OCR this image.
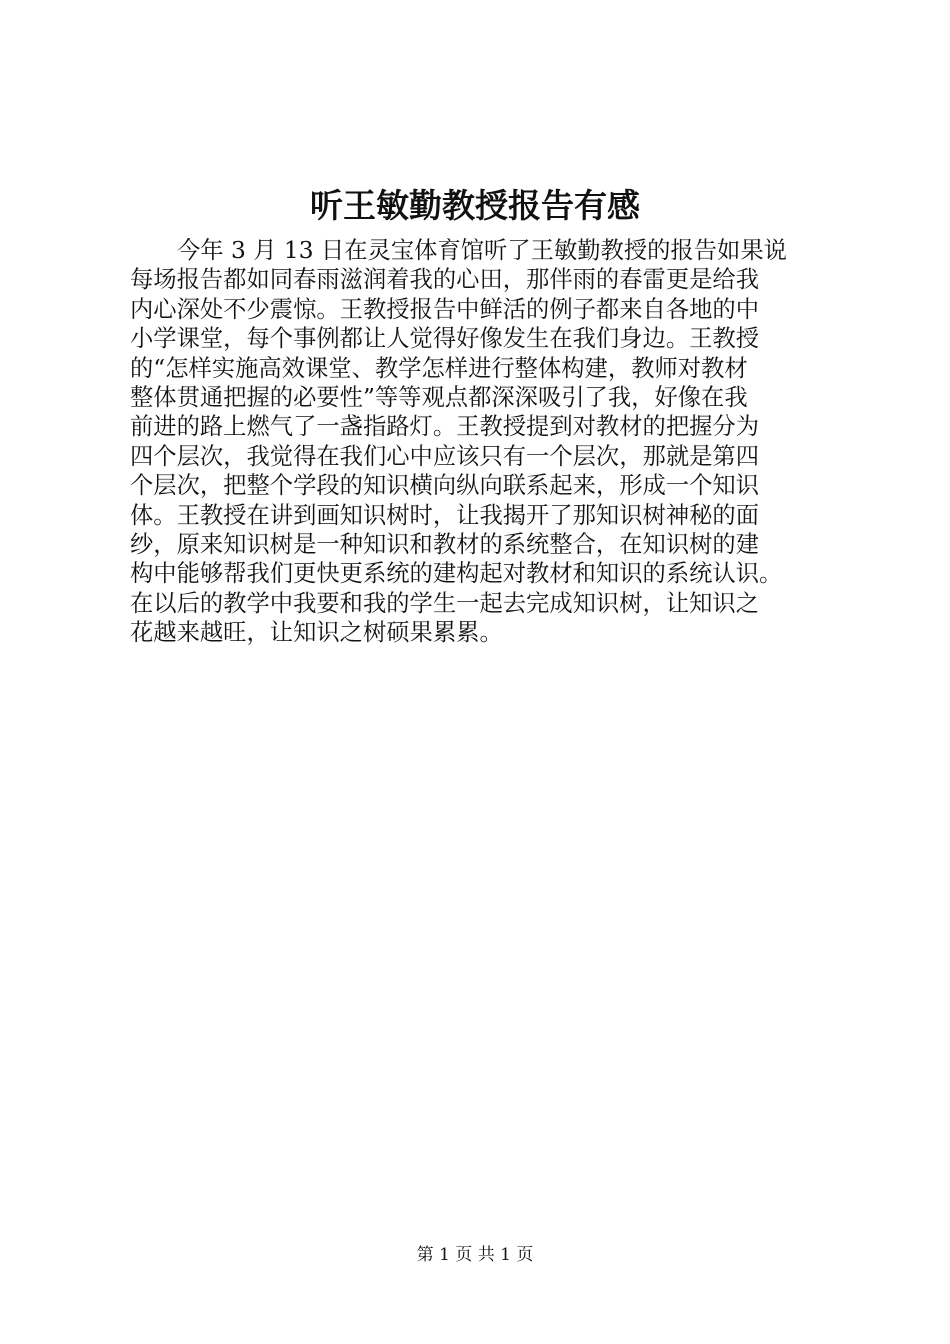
听王敏勤教授报告有感
今年 3 月 13 日在灵宝体育馆听了王敏勤教授的报告如果说
每场报告都如同春雨滋润着我的心田，那伴雨的春雷更是给我
内心深处不少震惊。王教授报告中鲜活的例子都来自各地的中
小学课堂，每个事例都让人觉得好像发生在我们身边。王教授
的“怎样实施高效课堂、教学怎样进行整体构建，教师对教材
整体贯通把握的必要性”等等观点都深深吸引了我，好像在我
前进的路上燃气了一盏指路灯。王教授提到对教材的把握分为
四个层次，我觉得在我们心中应该只有一个层次，那就是第四
个层次，把整个学段的知识横向纵向联系起来，形成一个知识
体。王教授在讲到画知识树时，让我揭开了那知识树神秘的面
纱，原来知识树是一种知识和教材的系统整合，在知识树的建
构中能够帮我们更快更系统的建构起对教材和知识的系统认识。
在以后的教学中我要和我的学生一起去完成知识树，让知识之
花越来越旺，让知识之树硕果累累。
第 1 页 共 1 页
